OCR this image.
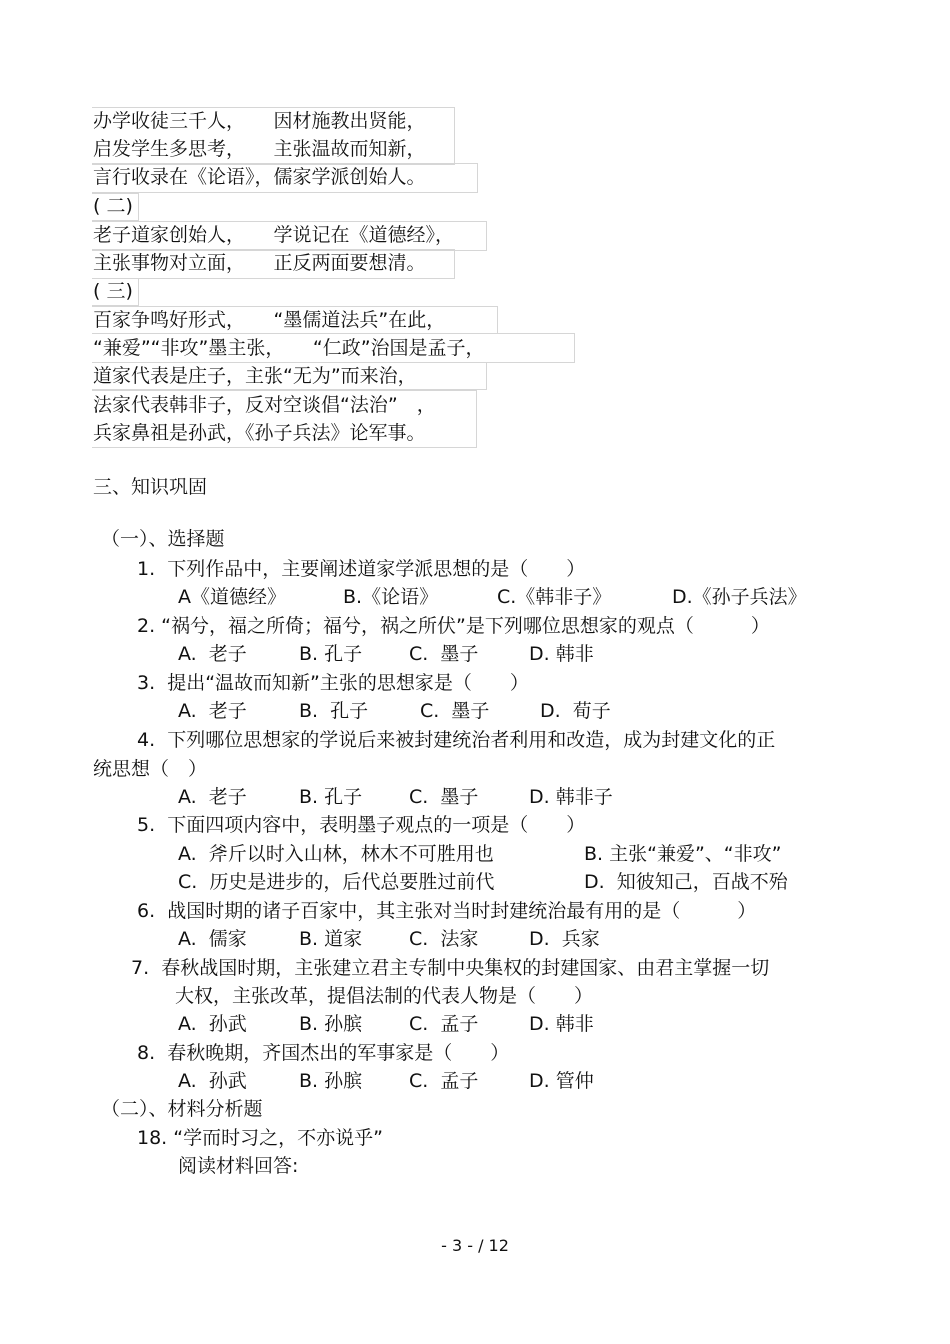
办学收徒三千人，　　因材施教出贤能，
启发学生多思考，　　主张温故而知新，
言行收录在《论语》，儒家学派创始人。
( 二)
老子道家创始人，　　学说记在《道德经》，
主张事物对立面，　　正反两面要想清。
( 三)
百家争鸣好形式，　　“墨儒道法兵”在此，
“兼爱”“非攻”墨主张，　　“仁政”治国是孟子，
道家代表是庄子，主张“无为”而来治，
法家代表韩非子，反对空谈倡“法治”　，
兵家鼻祖是孙武，《孙子兵法》论军事。
三、知识巩固
（一）、选择题
1.  下列作品中，主要阐述道家学派思想的是（　　）
A《道德经》	B.《论语》	C.《韩非子》	D.《孙子兵法》
2. “祸兮，福之所倚；福兮，祸之所伏”是下列哪位思想家的观点（　　　）
A.  老子	B. 孔子 C.  墨子	D. 韩非
3.  提出“温故而知新”主张的思想家是（　　）
A.  老子	B.  孔子	C.  墨子	D.  荀子
4.  下列哪位思想家的学说后来被封建统治者利用和改造，成为封建文化的正
统思想（　）
A.  老子	B. 孔子 C.  墨子	D. 韩非子
5.  下面四项内容中，表明墨子观点的一项是（　　）
A.  斧斤以时入山林，林木不可胜用也	B. 主张“兼爱”、“非攻”
C.  历史是进步的，后代总要胜过前代	D.  知彼知己，百战不殆
6.  战国时期的诸子百家中，其主张对当时封建统治最有用的是（　　　）
A.  儒家	B. 道家 C.  法家	D.  兵家
7.  春秋战国时期，主张建立君主专制中央集权的封建国家、由君主掌握一切
大权，主张改革，提倡法制的代表人物是（　　）
A.  孙武	B. 孙膑 C.  孟子	D. 韩非
8.  春秋晚期，齐国杰出的军事家是（　　）
A.  孙武	B. 孙膑 C.  孟子	D. 管仲
（二）、材料分析题
18. “学而时习之，不亦说乎”
阅读材料回答:
- 3 - / 12
